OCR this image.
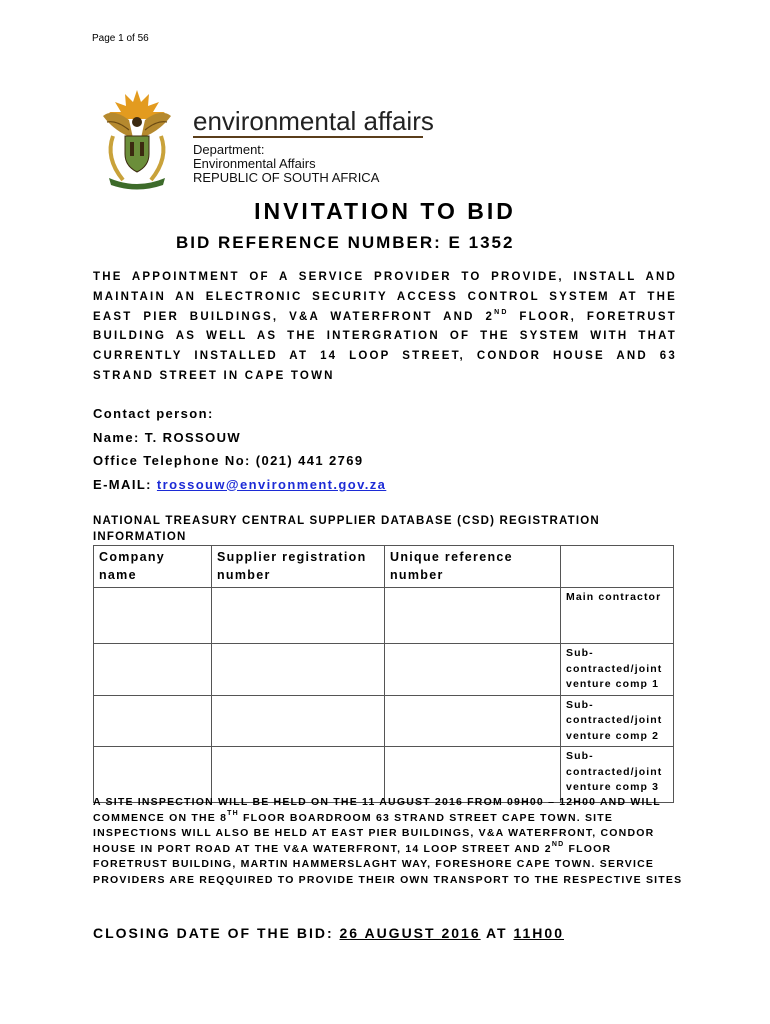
Page 1 of 56
environmental affairs
Department:
Environmental Affairs
REPUBLIC OF SOUTH AFRICA
INVITATION TO BID
BID REFERENCE NUMBER: E 1352
THE APPOINTMENT OF A SERVICE PROVIDER TO PROVIDE, INSTALL AND MAINTAIN AN ELECTRONIC SECURITY ACCESS CONTROL SYSTEM AT THE EAST PIER BUILDINGS, V&A WATERFRONT AND 2ND FLOOR, FORETRUST BUILDING AS WELL AS THE INTERGRATION OF THE SYSTEM WITH THAT CURRENTLY INSTALLED AT 14 LOOP STREET, CONDOR HOUSE AND 63 STRAND STREET IN CAPE TOWN
Contact person:
Name: T. ROSSOUW
Office Telephone No: (021) 441 2769
E-MAIL: trossouw@environment.gov.za
NATIONAL TREASURY CENTRAL SUPPLIER DATABASE (CSD) REGISTRATION INFORMATION
Company name	Supplier registration number	Unique reference number	
			Main contractor
			Sub-contracted/joint venture comp 1
			Sub-contracted/joint venture comp 2
			Sub-contracted/joint venture comp 3
A SITE INSPECTION WILL BE HELD ON THE 11 AUGUST 2016 FROM 09H00 – 12H00 AND WILL COMMENCE ON THE 8TH FLOOR BOARDROOM 63 STRAND STREET CAPE TOWN. SITE INSPECTIONS WILL ALSO BE HELD AT EAST PIER BUILDINGS, V&A WATERFRONT, CONDOR HOUSE IN PORT ROAD AT THE V&A WATERFRONT, 14 LOOP STREET AND 2ND FLOOR FORETRUST BUILDING, MARTIN HAMMERSLAGHT WAY, FORESHORE CAPE TOWN. SERVICE PROVIDERS ARE REQQUIRED TO PROVIDE THEIR OWN TRANSPORT TO THE RESPECTIVE SITES
CLOSING DATE OF THE BID: 26 AUGUST 2016 AT 11H00
